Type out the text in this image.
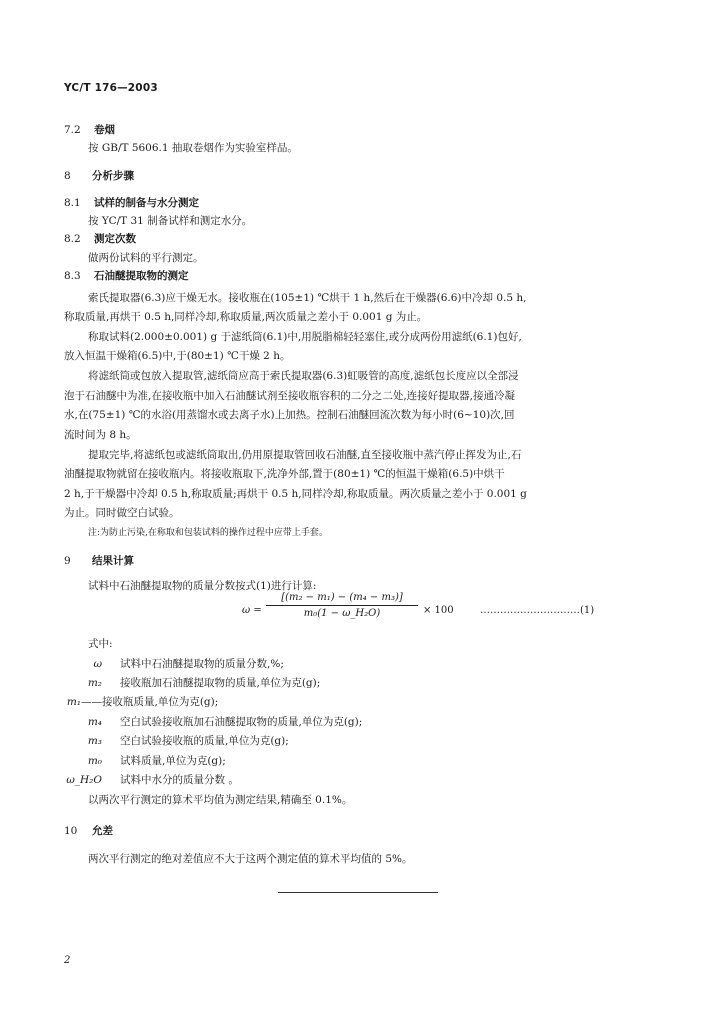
YC/T 176—2003
7.2 卷烟
按 GB/T 5606.1 抽取卷烟作为实验室样品。
8 分析步骤
8.1 试样的制备与水分测定
按 YC/T 31 制备试样和测定水分。
8.2 测定次数
做两份试料的平行测定。
8.3 石油醚提取物的测定
索氏提取器(6.3)应干燥无水。接收瓶在(105±1) ℃烘干 1 h,然后在干燥器(6.6)中冷却 0.5 h,
称取质量,再烘干 0.5 h,同样冷却,称取质量,两次质量之差小于 0.001 g 为止。
称取试料(2.000±0.001) g 于滤纸筒(6.1)中,用脱脂棉轻轻塞住,或分成两份用滤纸(6.1)包好,
放入恒温干燥箱(6.5)中,于(80±1) ℃干燥 2 h。
将滤纸筒或包放入提取管,滤纸筒应高于索氏提取器(6.3)虹吸管的高度,滤纸包长度应以全部浸
泡于石油醚中为准,在接收瓶中加入石油醚试剂至接收瓶容积的二分之二处,连接好提取器,接通冷凝
水,在(75±1) ℃的水浴(用蒸馏水或去离子水)上加热。控制石油醚回流次数为每小时(6~10)次,回
流时间为 8 h。
提取完毕,将滤纸包或滤纸筒取出,仍用原提取管回收石油醚,直至接收瓶中蒸汽停止挥发为止,石
油醚提取物就留在接收瓶内。将接收瓶取下,洗净外部,置于(80±1) ℃的恒温干燥箱(6.5)中烘干
2 h,于干燥器中冷却 0.5 h,称取质量;再烘干 0.5 h,同样冷却,称取质量。两次质量之差小于 0.001 g
为止。同时做空白试验。
注:为防止污染,在称取和包装试料的操作过程中应带上手套。
9 结果计算
试料中石油醚提取物的质量分数按式(1)进行计算:
$\omega = \frac{\text{[(m₂ − m₁) − (m₄ − m₃)]}}{\text{m₀(1 − ω\_H₂O)}} \times 100$	…………………………(1)
式中:
ω 试料中石油醚提取物的质量分数,%;
m₂ 接收瓶加石油醚提取物的质量,单位为克(g);
m₁——接收瓶质量,单位为克(g);
m₄ 空白试验接收瓶加石油醚提取物的质量,单位为克(g);
m₃ 空白试验接收瓶的质量,单位为克(g);
m₀ 试料质量,单位为克(g);
ω_H₂O 试料中水分的质量分数 。
以两次平行测定的算术平均值为测定结果,精确至 0.1%。
10 允差
两次平行测定的绝对差值应不大于这两个测定值的算术平均值的 5%。
2
